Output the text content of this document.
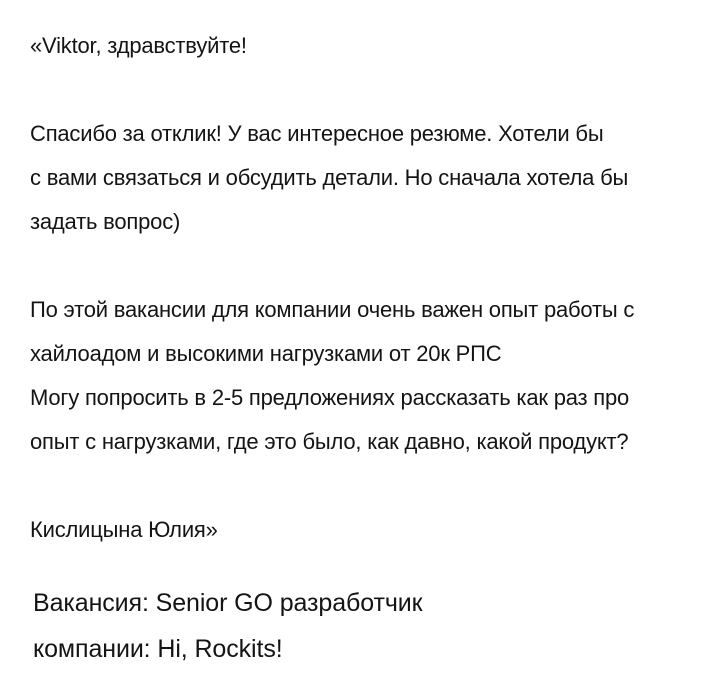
«Viktor, здравствуйте!

Спасибо за отклик! У вас интересное резюме. Хотели бы

с вами связаться и обсудить детали. Но сначала хотела бы

задать вопрос)

По этой вакансии для компании очень важен опыт работы с

хайлоадом и высокими нагрузками от 20к РПС

Могу попросить в 2-5 предложениях рассказать как раз про

опыт с нагрузками, где это было, как давно, какой продукт?

Кислицына Юлия»

Вакансия: Senior GO разработчик

компании: Hi, Rockits!
